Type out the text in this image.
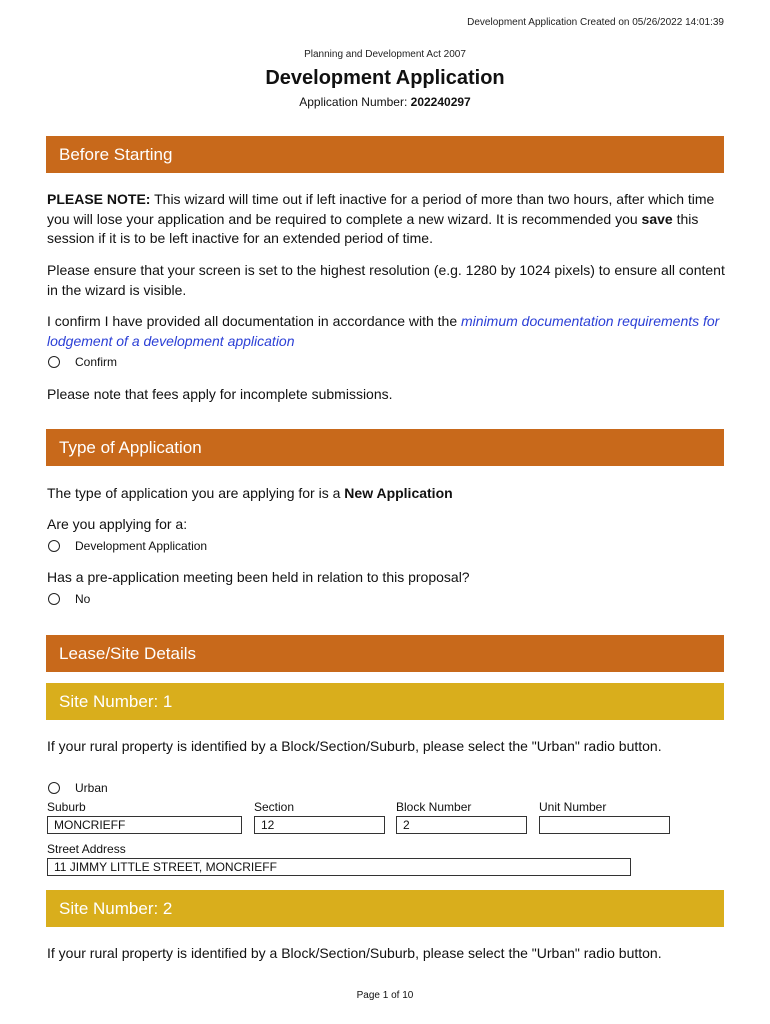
Development Application Created on 05/26/2022 14:01:39
Planning and Development Act 2007
Development Application
Application Number: 202240297
Before Starting
PLEASE NOTE: This wizard will time out if left inactive for a period of more than two hours, after which time you will lose your application and be required to complete a new wizard. It is recommended you save this session if it is to be left inactive for an extended period of time.
Please ensure that your screen is set to the highest resolution (e.g. 1280 by 1024 pixels) to ensure all content in the wizard is visible.
I confirm I have provided all documentation in accordance with the minimum documentation requirements for lodgement of a development application
Confirm
Please note that fees apply for incomplete submissions.
Type of Application
The type of application you are applying for is a New Application
Are you applying for a:
Development Application
Has a pre-application meeting been held in relation to this proposal?
No
Lease/Site Details
Site Number: 1
If your rural property is identified by a Block/Section/Suburb, please select the "Urban" radio button.
Urban
Suburb	Section	Block Number	Unit Number
MONCRIEFF	12	2
Street Address
11 JIMMY LITTLE STREET, MONCRIEFF
Site Number: 2
If your rural property is identified by a Block/Section/Suburb, please select the "Urban" radio button.
Page 1 of 10
